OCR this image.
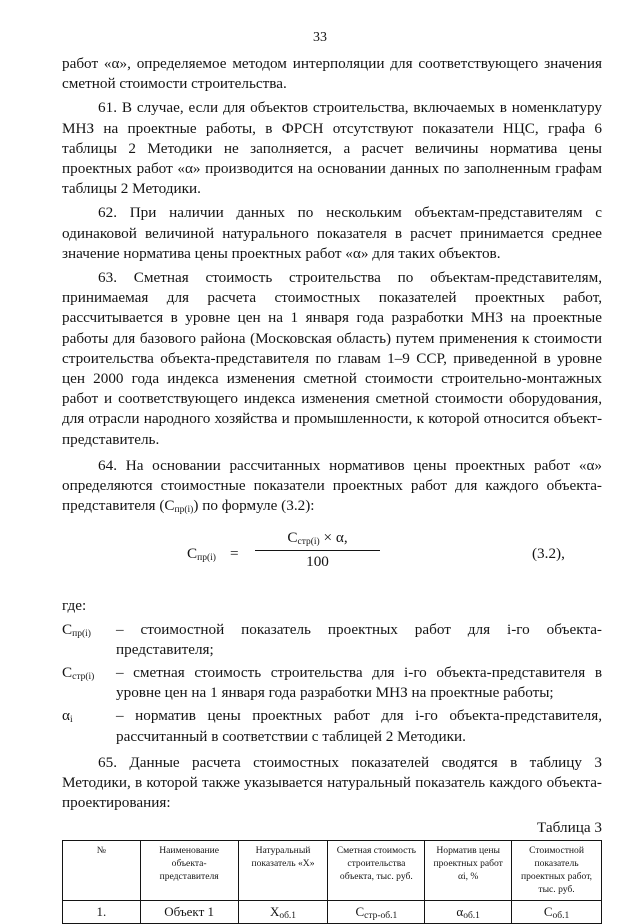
33

работ «α», определяемое методом интерполяции для соответствующего значения сметной стоимости строительства.

61. В случае, если для объектов строительства, включаемых в номенклатуру МНЗ на проектные работы, в ФРСН отсутствуют показатели НЦС, графа 6 таблицы 2 Методики не заполняется, а расчет величины норматива цены проектных работ «α» производится на основании данных по заполненным графам таблицы 2 Методики.

62. При наличии данных по нескольким объектам-представителям с одинаковой величиной натурального показателя в расчет принимается среднее значение норматива цены проектных работ «α» для таких объектов.

63. Сметная стоимость строительства по объектам-представителям, принимаемая для расчета стоимостных показателей проектных работ, рассчитывается в уровне цен на 1 января года разработки МНЗ на проектные работы для базового района (Московская область) путем применения к стоимости строительства объекта-представителя по главам 1–9 ССР, приведенной в уровне цен 2000 года индекса изменения сметной стоимости строительно-монтажных работ и соответствующего индекса изменения сметной стоимости оборудования, для отрасли народного хозяйства и промышленности, к которой относится объект-представитель.

64. На основании рассчитанных нормативов цены проектных работ «α» определяются стоимостные показатели проектных работ для каждого объекта-представителя $(С_{пр(i)})$ по формуле (3.2):

$С_{пр(i)}$ =
$С_{стр(i)} \times \alpha$,
100	(3.2),

где:

$С_{пр(i)}$	– стоимостной показатель проектных работ для i-го объекта-представителя;
$С_{стр(i)}$	– сметная стоимость строительства для i-го объекта-представителя в уровне цен на 1 января года разработки МНЗ на проектные работы;
$\alpha_i$	– норматив цены проектных работ для i-го объекта-представителя, рассчитанный в соответствии с таблицей 2 Методики.

65. Данные расчета стоимостных показателей сводятся в таблицу 3 Методики, в которой также указывается натуральный показатель каждого объекта-проектирования:

Таблица 3
№	Наименование объекта-представителя	Натуральный показатель «Х»	Сметная стоимость строительства объекта, тыс. руб.	Норматив цены проектных работ αi, %	Стоимостной показатель проектных работ, тыс. руб.
1.	Объект 1	$Х_{об.1}$	$С_{стр-об.1}$	$\alpha_{об.1}$	$С_{об.1}$
